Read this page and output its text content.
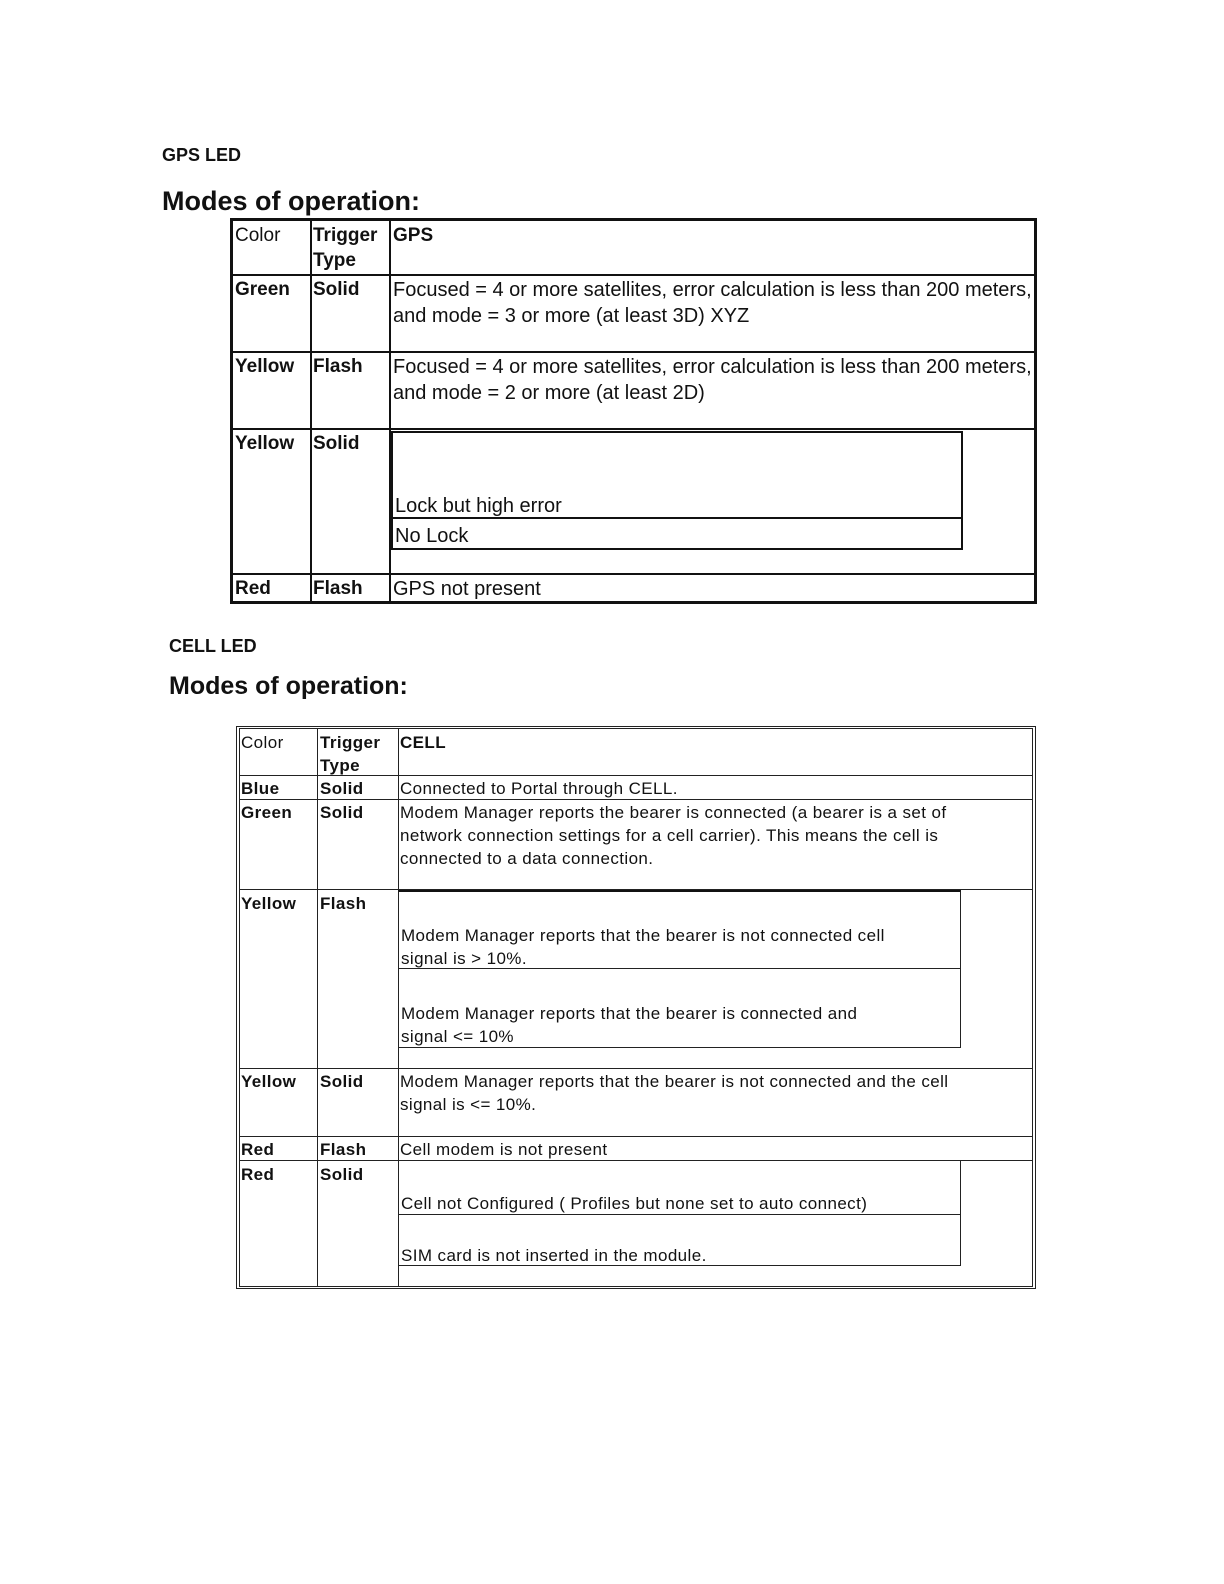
GPS LED
Modes of operation:
Color Trigger
Type
GPS
Green Solid Focused = 4 or more satellites, error calculation is less than 200 meters,
and mode = 3 or more (at least 3D) XYZ
Yellow Flash Focused = 4 or more satellites, error calculation is less than 200 meters,
and mode = 2 or more (at least 2D)
Yellow Solid
Lock but high error
No Lock
Red Flash GPS not present
CELL LED
Modes of operation:
Color Trigger
Type
CELL
Blue Solid Connected to Portal through CELL.
Green Solid Modem Manager reports the bearer is connected (a bearer is a set of
network connection settings for a cell carrier). This means the cell is
connected to a data connection.
Yellow Flash
Modem Manager reports that the bearer is not connected cell
signal is > 10%.
Modem Manager reports that the bearer is connected and
signal <= 10%
Yellow Solid Modem Manager reports that the bearer is not connected and the cell
signal is <= 10%.
Red	Flash Cell modem is not present
Red	Solid
Cell not Configured ( Profiles but none set to auto connect)
SIM card is not inserted in the module.
